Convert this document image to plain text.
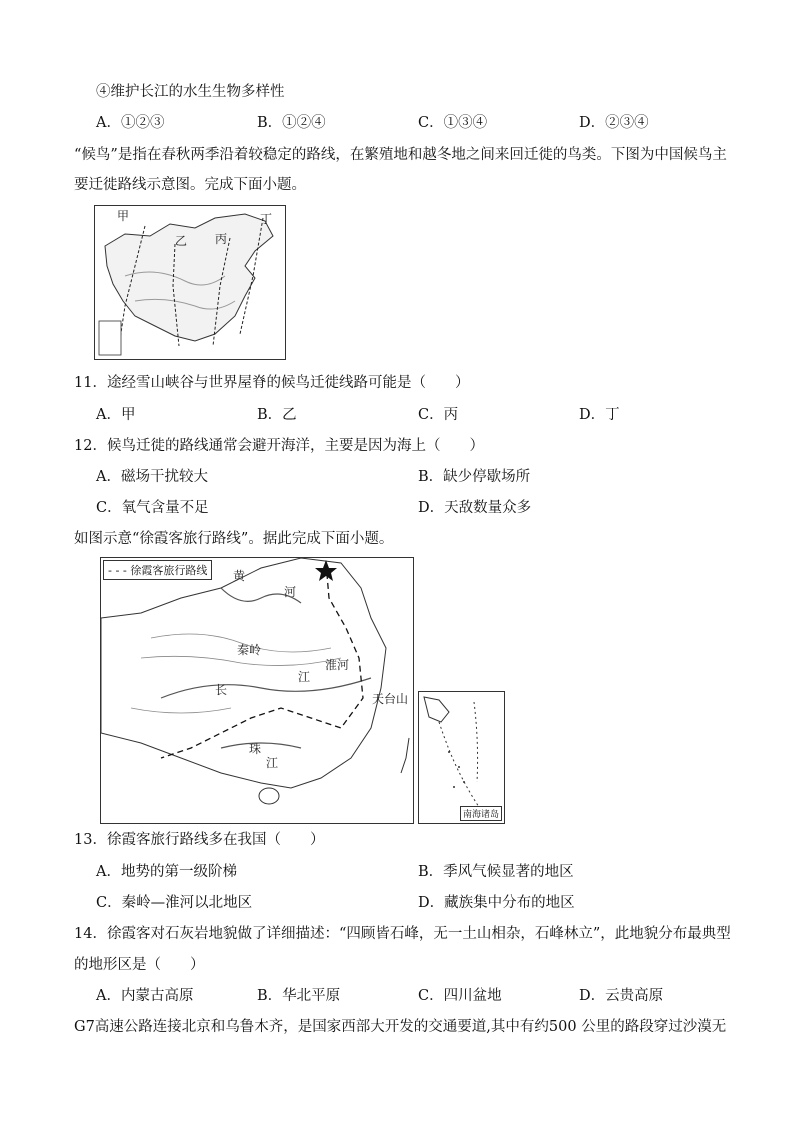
④维护长江的水生生物多样性
A．①②③	B．①②④	C．①③④	D．②③④
“候鸟”是指在春秋两季沿着较稳定的路线，在繁殖地和越冬地之间来回迁徙的鸟类。下图为中国候鸟主
要迁徙路线示意图。完成下面小题。
甲
乙 丙
丁
11．途经雪山峡谷与世界屋脊的候鸟迁徙线路可能是（　　）
A．甲	B．乙	C．丙	D．丁
12．候鸟迁徙的路线通常会避开海洋，主要是因为海上（　　）
A．磁场干扰较大	B．缺少停歇场所
C．氧气含量不足	D．天敌数量众多
如图示意“徐霞客旅行路线”。据此完成下面小题。
- - - 徐霞客旅行路线	黄
河
秦岭
淮河
长
江
天台山
珠
江
南海诸岛
13．徐霞客旅行路线多在我国（　　）
A．地势的第一级阶梯	B．季风气候显著的地区
C．秦岭—淮河以北地区	D．藏族集中分布的地区
14．徐霞客对石灰岩地貌做了详细描述：“四顾皆石峰，无一土山相杂，石峰林立”，此地貌分布最典型
的地形区是（　　）
A．内蒙古高原	B．华北平原	C．四川盆地	D．云贵高原
G7高速公路连接北京和乌鲁木齐，是国家西部大开发的交通要道,其中有约500 公里的路段穿过沙漠无
